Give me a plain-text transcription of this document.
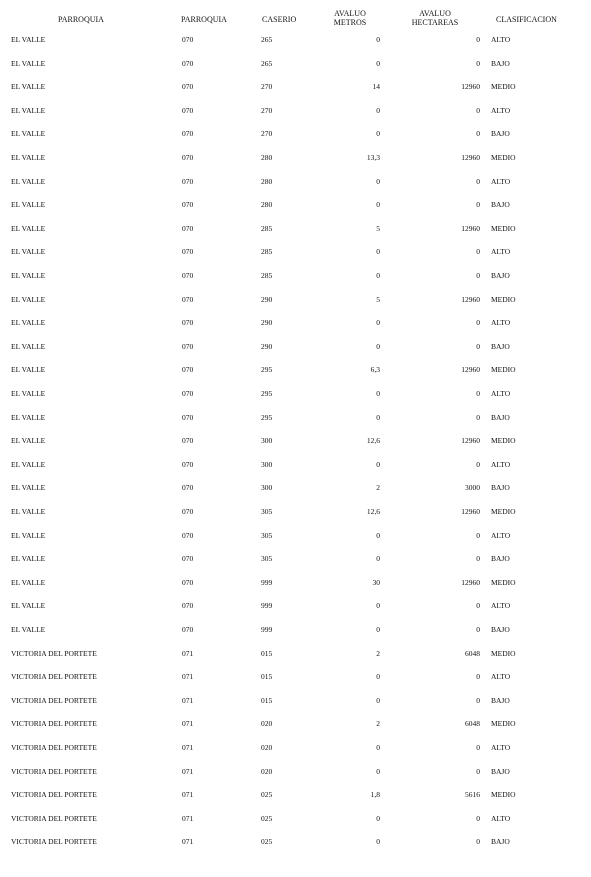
PARROQUIA	PARROQUIA	CASERIO
AVALUO METROS
AVALUO HECTAREAS	CLASIFICACION
EL VALLE	070	265	0	0 ALTO
EL VALLE	070	265	0	0 BAJO
EL VALLE	070	270	14	12960 MEDIO
EL VALLE	070	270	0	0 ALTO
EL VALLE	070	270	0	0 BAJO
EL VALLE	070	280	13,3	12960 MEDIO
EL VALLE	070	280	0	0 ALTO
EL VALLE	070	280	0	0 BAJO
EL VALLE	070	285	5	12960 MEDIO
EL VALLE	070	285	0	0 ALTO
EL VALLE	070	285	0	0 BAJO
EL VALLE	070	290	5	12960 MEDIO
EL VALLE	070	290	0	0 ALTO
EL VALLE	070	290	0	0 BAJO
EL VALLE	070	295	6,3	12960 MEDIO
EL VALLE	070	295	0	0 ALTO
EL VALLE	070	295	0	0 BAJO
EL VALLE	070	300	12,6	12960 MEDIO
EL VALLE	070	300	0	0 ALTO
EL VALLE	070	300	2	3000 BAJO
EL VALLE	070	305	12,6	12960 MEDIO
EL VALLE	070	305	0	0 ALTO
EL VALLE	070	305	0	0 BAJO
EL VALLE	070	999	30	12960 MEDIO
EL VALLE	070	999	0	0 ALTO
EL VALLE	070	999	0	0 BAJO
VICTORIA DEL PORTETE	071	015	2	6048 MEDIO
VICTORIA DEL PORTETE	071	015	0	0 ALTO
VICTORIA DEL PORTETE	071	015	0	0 BAJO
VICTORIA DEL PORTETE	071	020	2	6048 MEDIO
VICTORIA DEL PORTETE	071	020	0	0 ALTO
VICTORIA DEL PORTETE	071	020	0	0 BAJO
VICTORIA DEL PORTETE	071	025	1,8	5616 MEDIO
VICTORIA DEL PORTETE	071	025	0	0 ALTO
VICTORIA DEL PORTETE	071	025	0	0 BAJO
